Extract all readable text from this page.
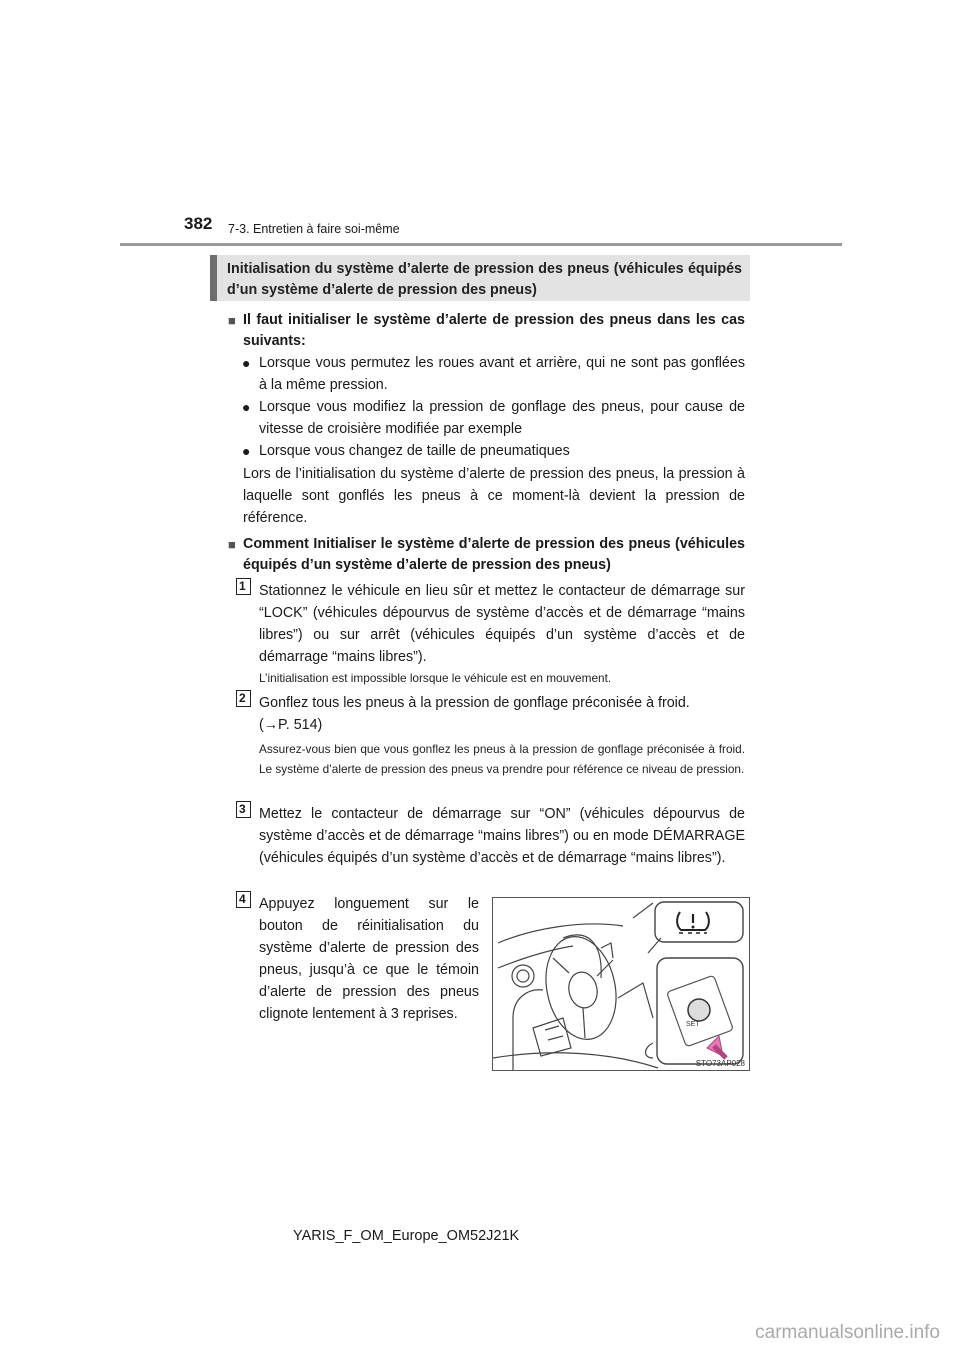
382 7-3. Entretien à faire soi-même
Initialisation du système d’alerte de pression des pneus (véhicules équipés d’un système d’alerte de pression des pneus)
■ Il faut initialiser le système d’alerte de pression des pneus dans les cas suivants:
● Lorsque vous permutez les roues avant et arrière, qui ne sont pas gonflées à la même pression.
● Lorsque vous modifiez la pression de gonflage des pneus, pour cause de vitesse de croisière modifiée par exemple
● Lorsque vous changez de taille de pneumatiques
Lors de l’initialisation du système d’alerte de pression des pneus, la pression à laquelle sont gonflés les pneus à ce moment-là devient la pression de référence.
■ Comment Initialiser le système d’alerte de pression des pneus (véhicules équipés d’un système d’alerte de pression des pneus)
1 Stationnez le véhicule en lieu sûr et mettez le contacteur de démarrage sur “LOCK” (véhicules dépourvus de système d’accès et de démarrage “mains libres”) ou sur arrêt (véhicules équipés d’un système d’accès et de démarrage “mains libres”).
L’initialisation est impossible lorsque le véhicule est en mouvement.
2 Gonflez tous les pneus à la pression de gonflage préconisée à froid.
(→P. 514)
Assurez-vous bien que vous gonflez les pneus à la pression de gonflage préconisée à froid. Le système d’alerte de pression des pneus va prendre pour référence ce niveau de pression.
3 Mettez le contacteur de démarrage sur “ON” (véhicules dépourvus de système d’accès et de démarrage “mains libres”) ou en mode DÉMARRAGE (véhicules équipés d’un système d’accès et de démarrage “mains libres”).
4 Appuyez longuement sur le bouton de réinitialisation du système d’alerte de pression des pneus, jusqu’à ce que le témoin d’alerte de pression des pneus clignote lentement à 3 reprises.
SET
STO73AP028
YARIS_F_OM_Europe_OM52J21K
carmanualsonline.info
